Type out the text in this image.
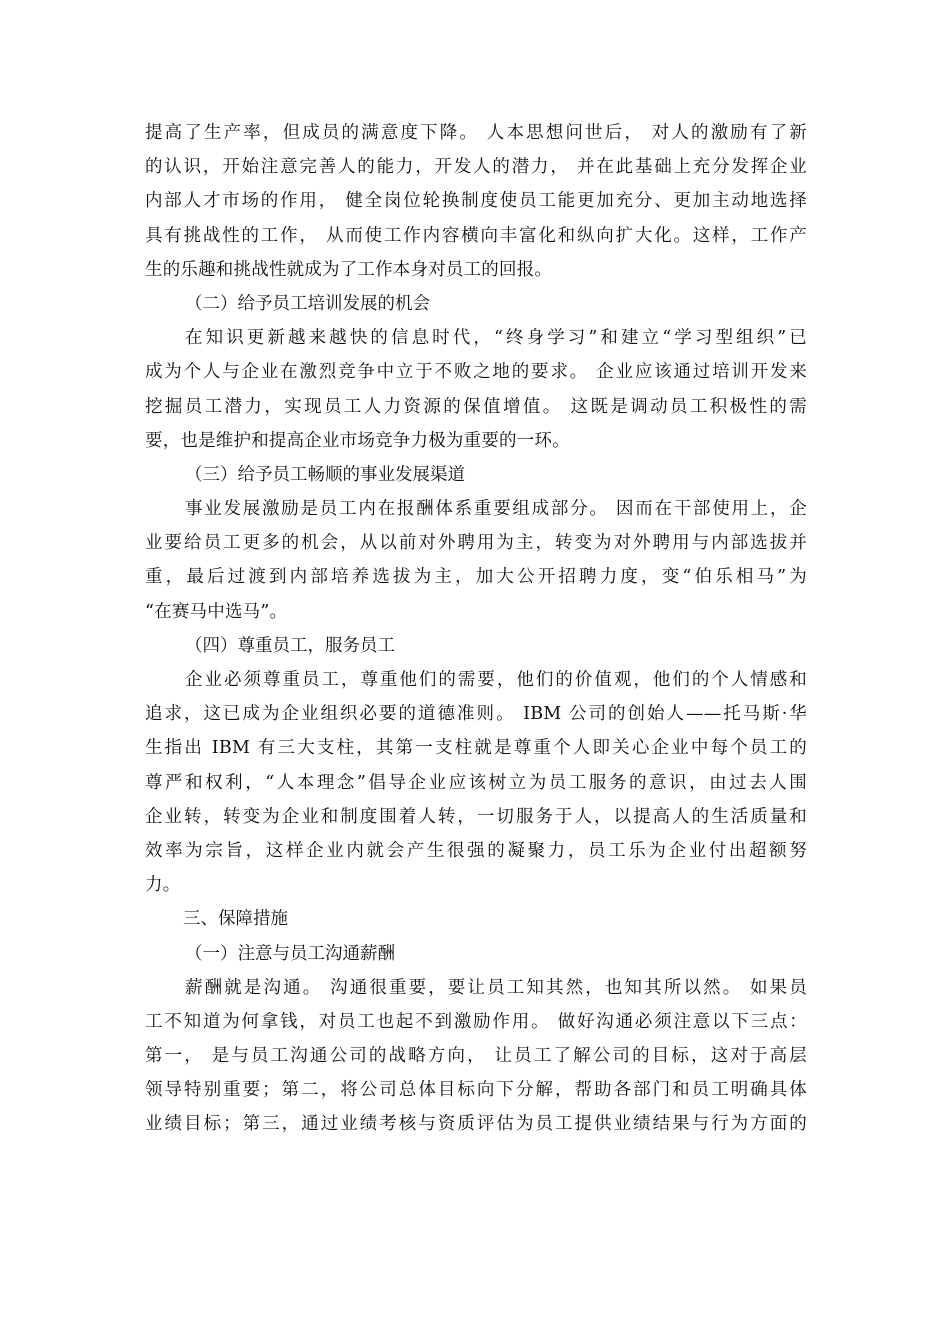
提高了生产率，但成员的满意度下降。 人本思想问世后， 对人的激励有了新
的认识，开始注意完善人的能力，开发人的潜力， 并在此基础上充分发挥企业
内部人才市场的作用， 健全岗位轮换制度使员工能更加充分、更加主动地选择
具有挑战性的工作， 从而使工作内容横向丰富化和纵向扩大化。这样，工作产
生的乐趣和挑战性就成为了工作本身对员工的回报。
（二）给予员工培训发展的机会
在知识更新越来越快的信息时代，“终身学习”和建立“学习型组织”已
成为个人与企业在激烈竞争中立于不败之地的要求。 企业应该通过培训开发来
挖掘员工潜力，实现员工人力资源的保值增值。 这既是调动员工积极性的需
要，也是维护和提高企业市场竞争力极为重要的一环。
（三）给予员工畅顺的事业发展渠道
事业发展激励是员工内在报酬体系重要组成部分。 因而在干部使用上，企
业要给员工更多的机会，从以前对外聘用为主，转变为对外聘用与内部选拔并
重，最后过渡到内部培养选拔为主，加大公开招聘力度，变“伯乐相马”为
“在赛马中选马”。
（四）尊重员工，服务员工
企业必须尊重员工，尊重他们的需要，他们的价值观，他们的个人情感和
追求，这已成为企业组织必要的道德准则。 IBM 公司的创始人——托马斯·华
生指出 IBM 有三大支柱，其第一支柱就是尊重个人即关心企业中每个员工的
尊严和权利，“人本理念”倡导企业应该树立为员工服务的意识，由过去人围
企业转，转变为企业和制度围着人转，一切服务于人，以提高人的生活质量和
效率为宗旨，这样企业内就会产生很强的凝聚力，员工乐为企业付出超额努
力。
三、保障措施
（一）注意与员工沟通薪酬
薪酬就是沟通。 沟通很重要，要让员工知其然，也知其所以然。 如果员
工不知道为何拿钱，对员工也起不到激励作用。 做好沟通必须注意以下三点：
第一， 是与员工沟通公司的战略方向， 让员工了解公司的目标，这对于高层
领导特别重要；第二，将公司总体目标向下分解，帮助各部门和员工明确具体
业绩目标；第三，通过业绩考核与资质评估为员工提供业绩结果与行为方面的
